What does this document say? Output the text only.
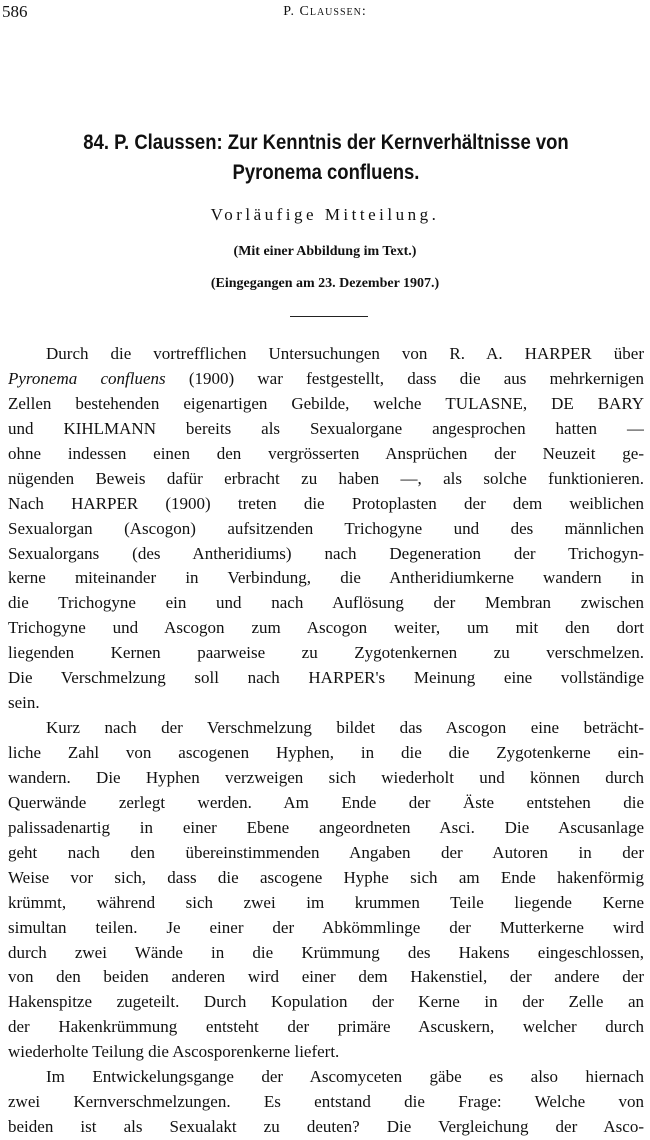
586	P. Claussen:
84. P. Claussen: Zur Kenntnis der Kernverhältnisse von
Pyronema confluens.
Vorläufige Mitteilung.
(Mit einer Abbildung im Text.)
(Eingegangen am 23. Dezember 1907.)
Durch die vortrefflichen Untersuchungen von R. A. HARPER über
Pyronema confluens (1900) war festgestellt, dass die aus mehrkernigen
Zellen bestehenden eigenartigen Gebilde, welche TULASNE, DE BARY
und KIHLMANN bereits als Sexualorgane angesprochen hatten —
ohne indessen einen den vergrösserten Ansprüchen der Neuzeit ge-
nügenden Beweis dafür erbracht zu haben —, als solche funktionieren.
Nach HARPER (1900) treten die Protoplasten der dem weiblichen
Sexualorgan (Ascogon) aufsitzenden Trichogyne und des männlichen
Sexualorgans (des Antheridiums) nach Degeneration der Trichogyn-
kerne miteinander in Verbindung, die Antheridiumkerne wandern in
die Trichogyne ein und nach Auflösung der Membran zwischen
Trichogyne und Ascogon zum Ascogon weiter, um mit den dort
liegenden Kernen paarweise zu Zygotenkernen zu verschmelzen.
Die Verschmelzung soll nach HARPER's Meinung eine vollständige
sein.
Kurz nach der Verschmelzung bildet das Ascogon eine beträcht-
liche Zahl von ascogenen Hyphen, in die die Zygotenkerne ein-
wandern. Die Hyphen verzweigen sich wiederholt und können durch
Querwände zerlegt werden. Am Ende der Äste entstehen die
palissadenartig in einer Ebene angeordneten Asci. Die Ascusanlage
geht nach den übereinstimmenden Angaben der Autoren in der
Weise vor sich, dass die ascogene Hyphe sich am Ende hakenförmig
krümmt, während sich zwei im krummen Teile liegende Kerne
simultan teilen. Je einer der Abkömmlinge der Mutterkerne wird
durch zwei Wände in die Krümmung des Hakens eingeschlossen,
von den beiden anderen wird einer dem Hakenstiel, der andere der
Hakenspitze zugeteilt. Durch Kopulation der Kerne in der Zelle an
der Hakenkrümmung entsteht der primäre Ascuskern, welcher durch
wiederholte Teilung die Ascosporenkerne liefert.
Im Entwickelungsgange der Ascomyceten gäbe es also hiernach
zwei Kernverschmelzungen. Es entstand die Frage: Welche von
beiden ist als Sexualakt zu deuten? Die Vergleichung der Asco-
